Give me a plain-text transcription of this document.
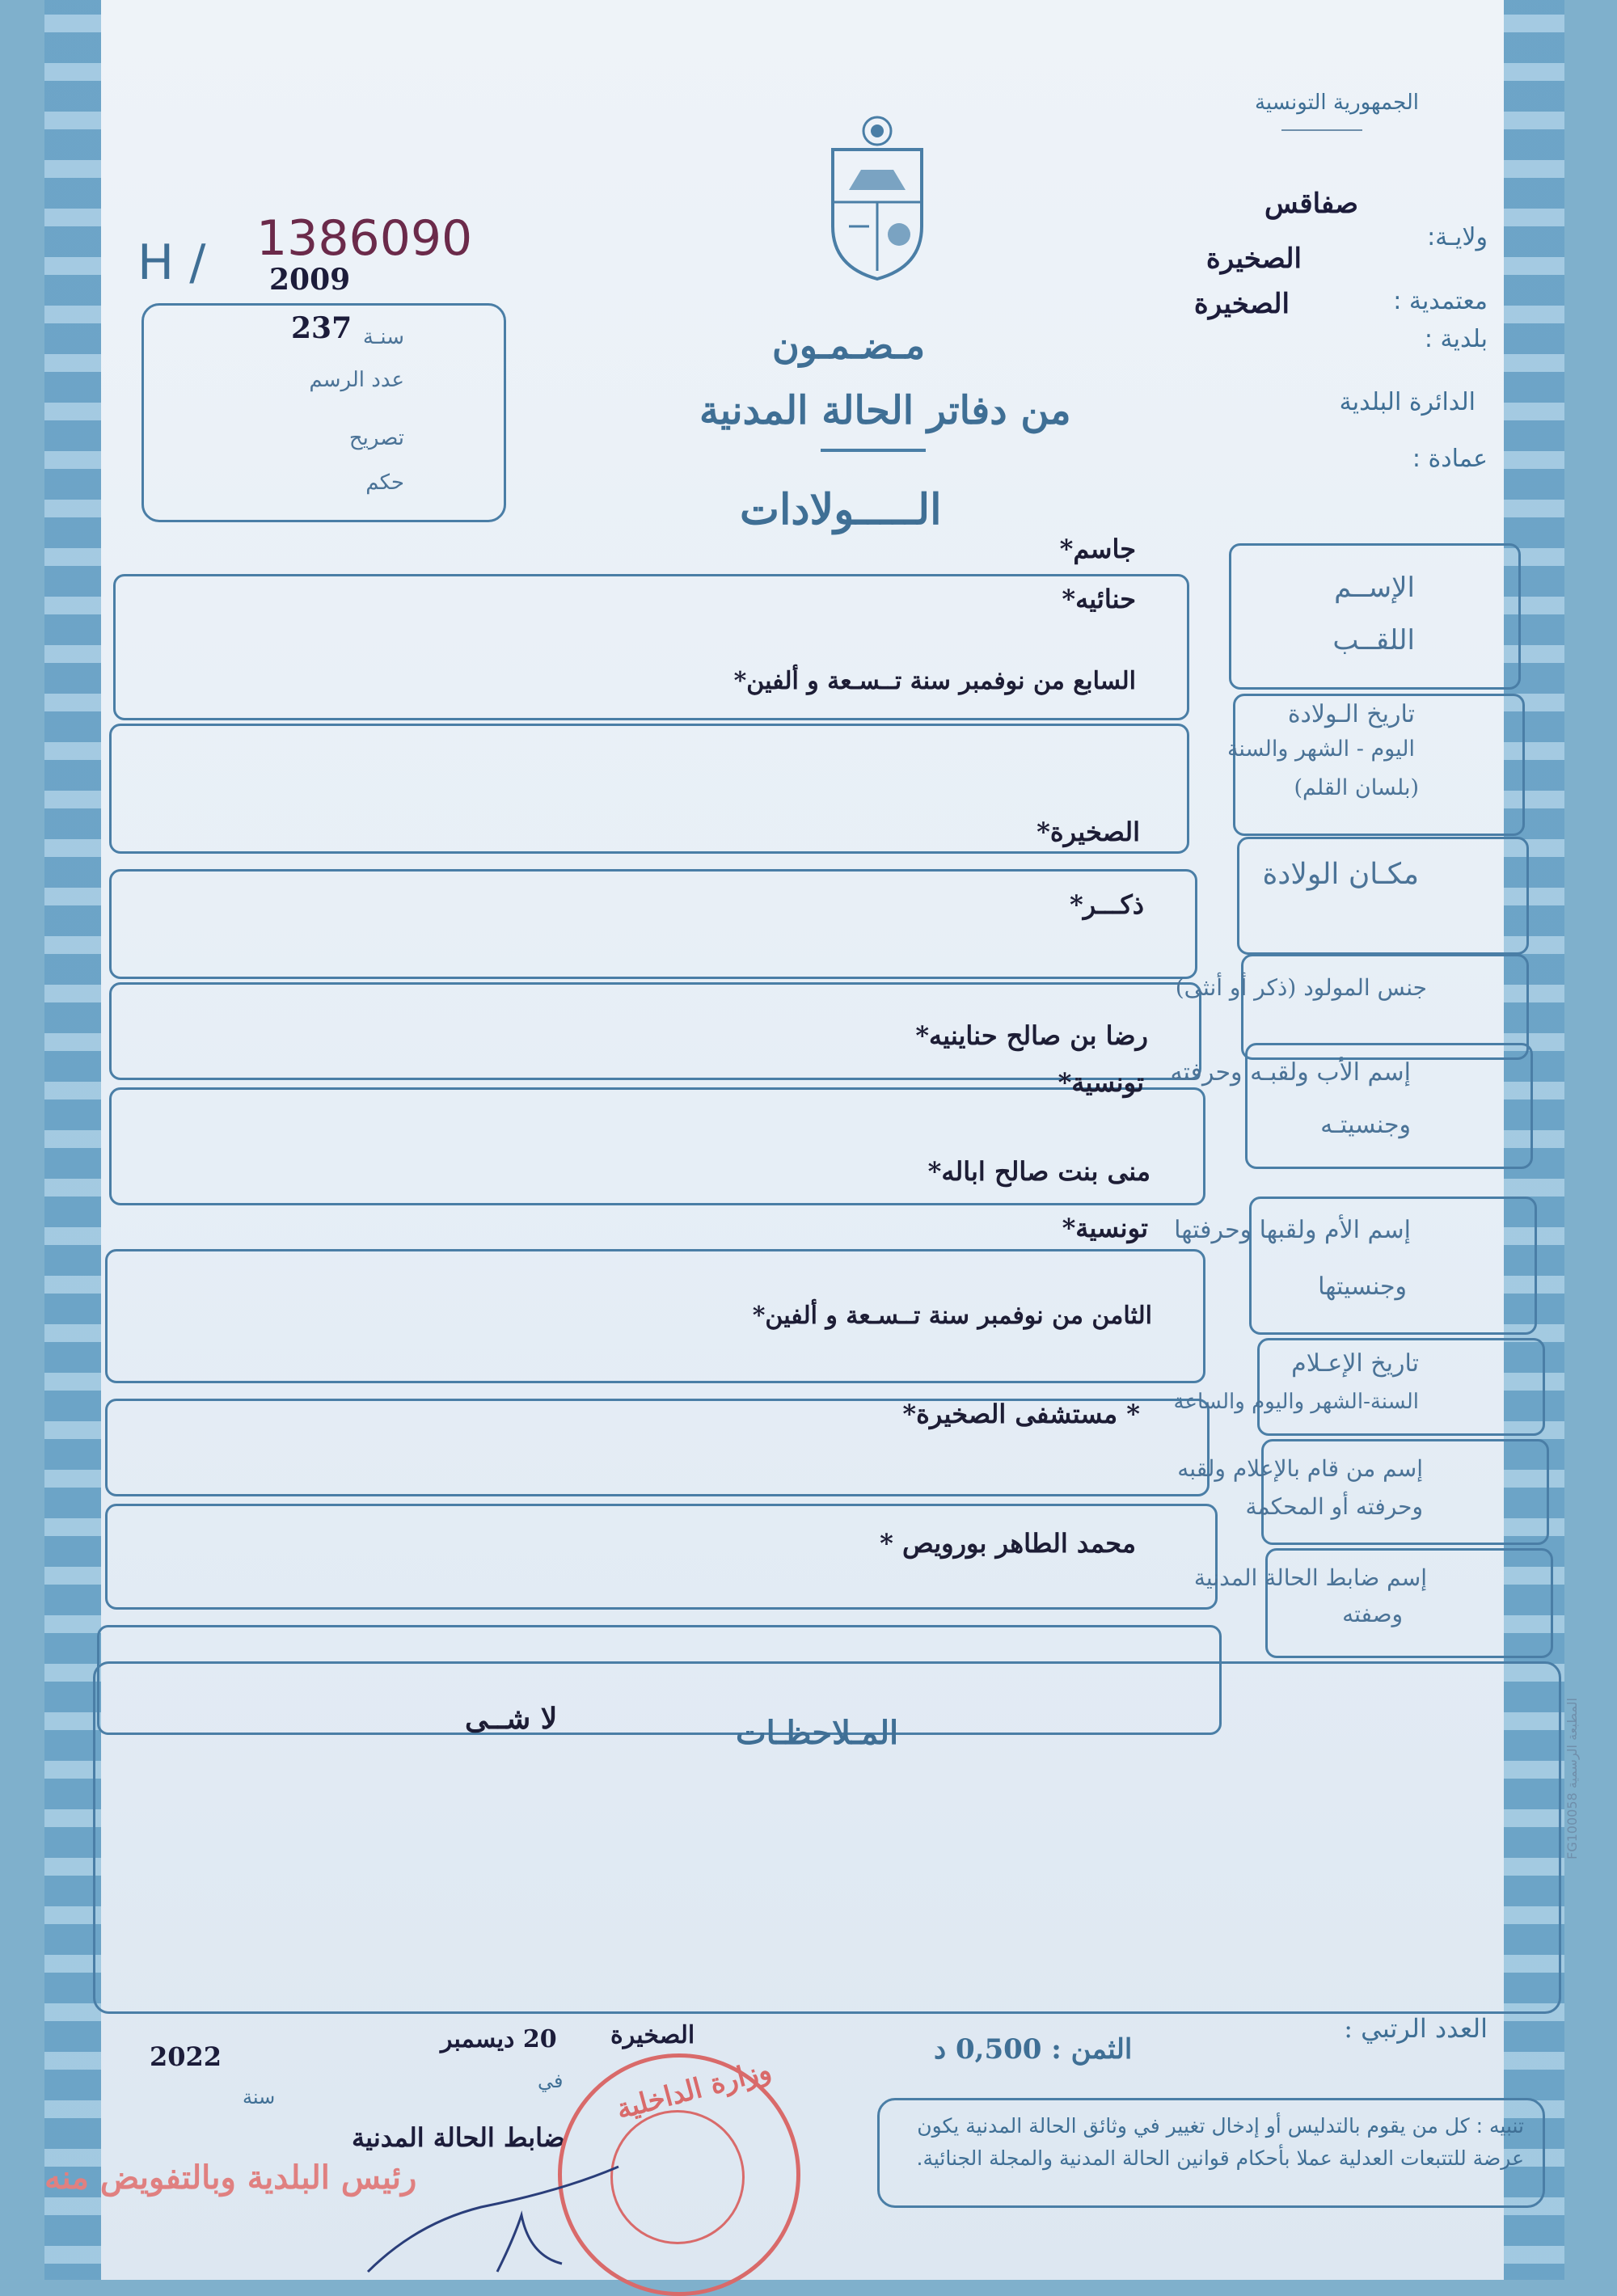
الجمهورية التونسية
ولايـة:
صفاقس
الصخيرة
معتمدية :
الصخيرة
بلدية :
الدائرة البلدية
عمادة :
H / 1386090
2009
سنـة
237
عدد الرسم
تصريح
حكم
مـضـمـون
من دفاتر الحالة المدنية
الـــــولادات
الإســم
اللقــب
جاسم*
حنائيه*
تاريخ الـولادة
اليوم - الشهر والسنة
(بلسان القلم)
السابع من نوفمبر سنة تــسـعة و ألفين*
مكـان الولادة
الصخيرة*
جنس المولود (ذكر أو أنثى)
ذكـــر*
إسم الأب ولقبـه وحرفته
وجنسيتـه
رضا بن صالح حناينيه*
تونسية*
إسم الأم ولقبها وحرفتها
وجنسيتها
منى بنت صالح اباله*
تونسية*
تاريخ الإعـلام
السنة-الشهر واليوم والساعة
الثامن من نوفمبر سنة تــسـعة و ألفين*
إسم من قام بالإعلام ولقبه
وحرفته أو المحكمة
* مستشفى الصخيرة*
إسم ضابط الحالة المدنية
وصفته
محمد الطاهر بورويص *
المـلاحظـات
لا شــى
المطبعة الرسمية FG100058
العدد الرتبي :
الثمن : 0,500 د
الصخيرة
20 ديسمبر
2022
في
سنة
ضابط الحالة المدنية
رئيس البلدية وبالتفويض منه
تنبيه : كل من يقوم بالتدليس أو إدخال تغيير في وثائق الحالة المدنية يكون عرضة للتتبعات العدلية عملا بأحكام قوانين الحالة المدنية والمجلة الجنائية.
وزارة الداخلية
